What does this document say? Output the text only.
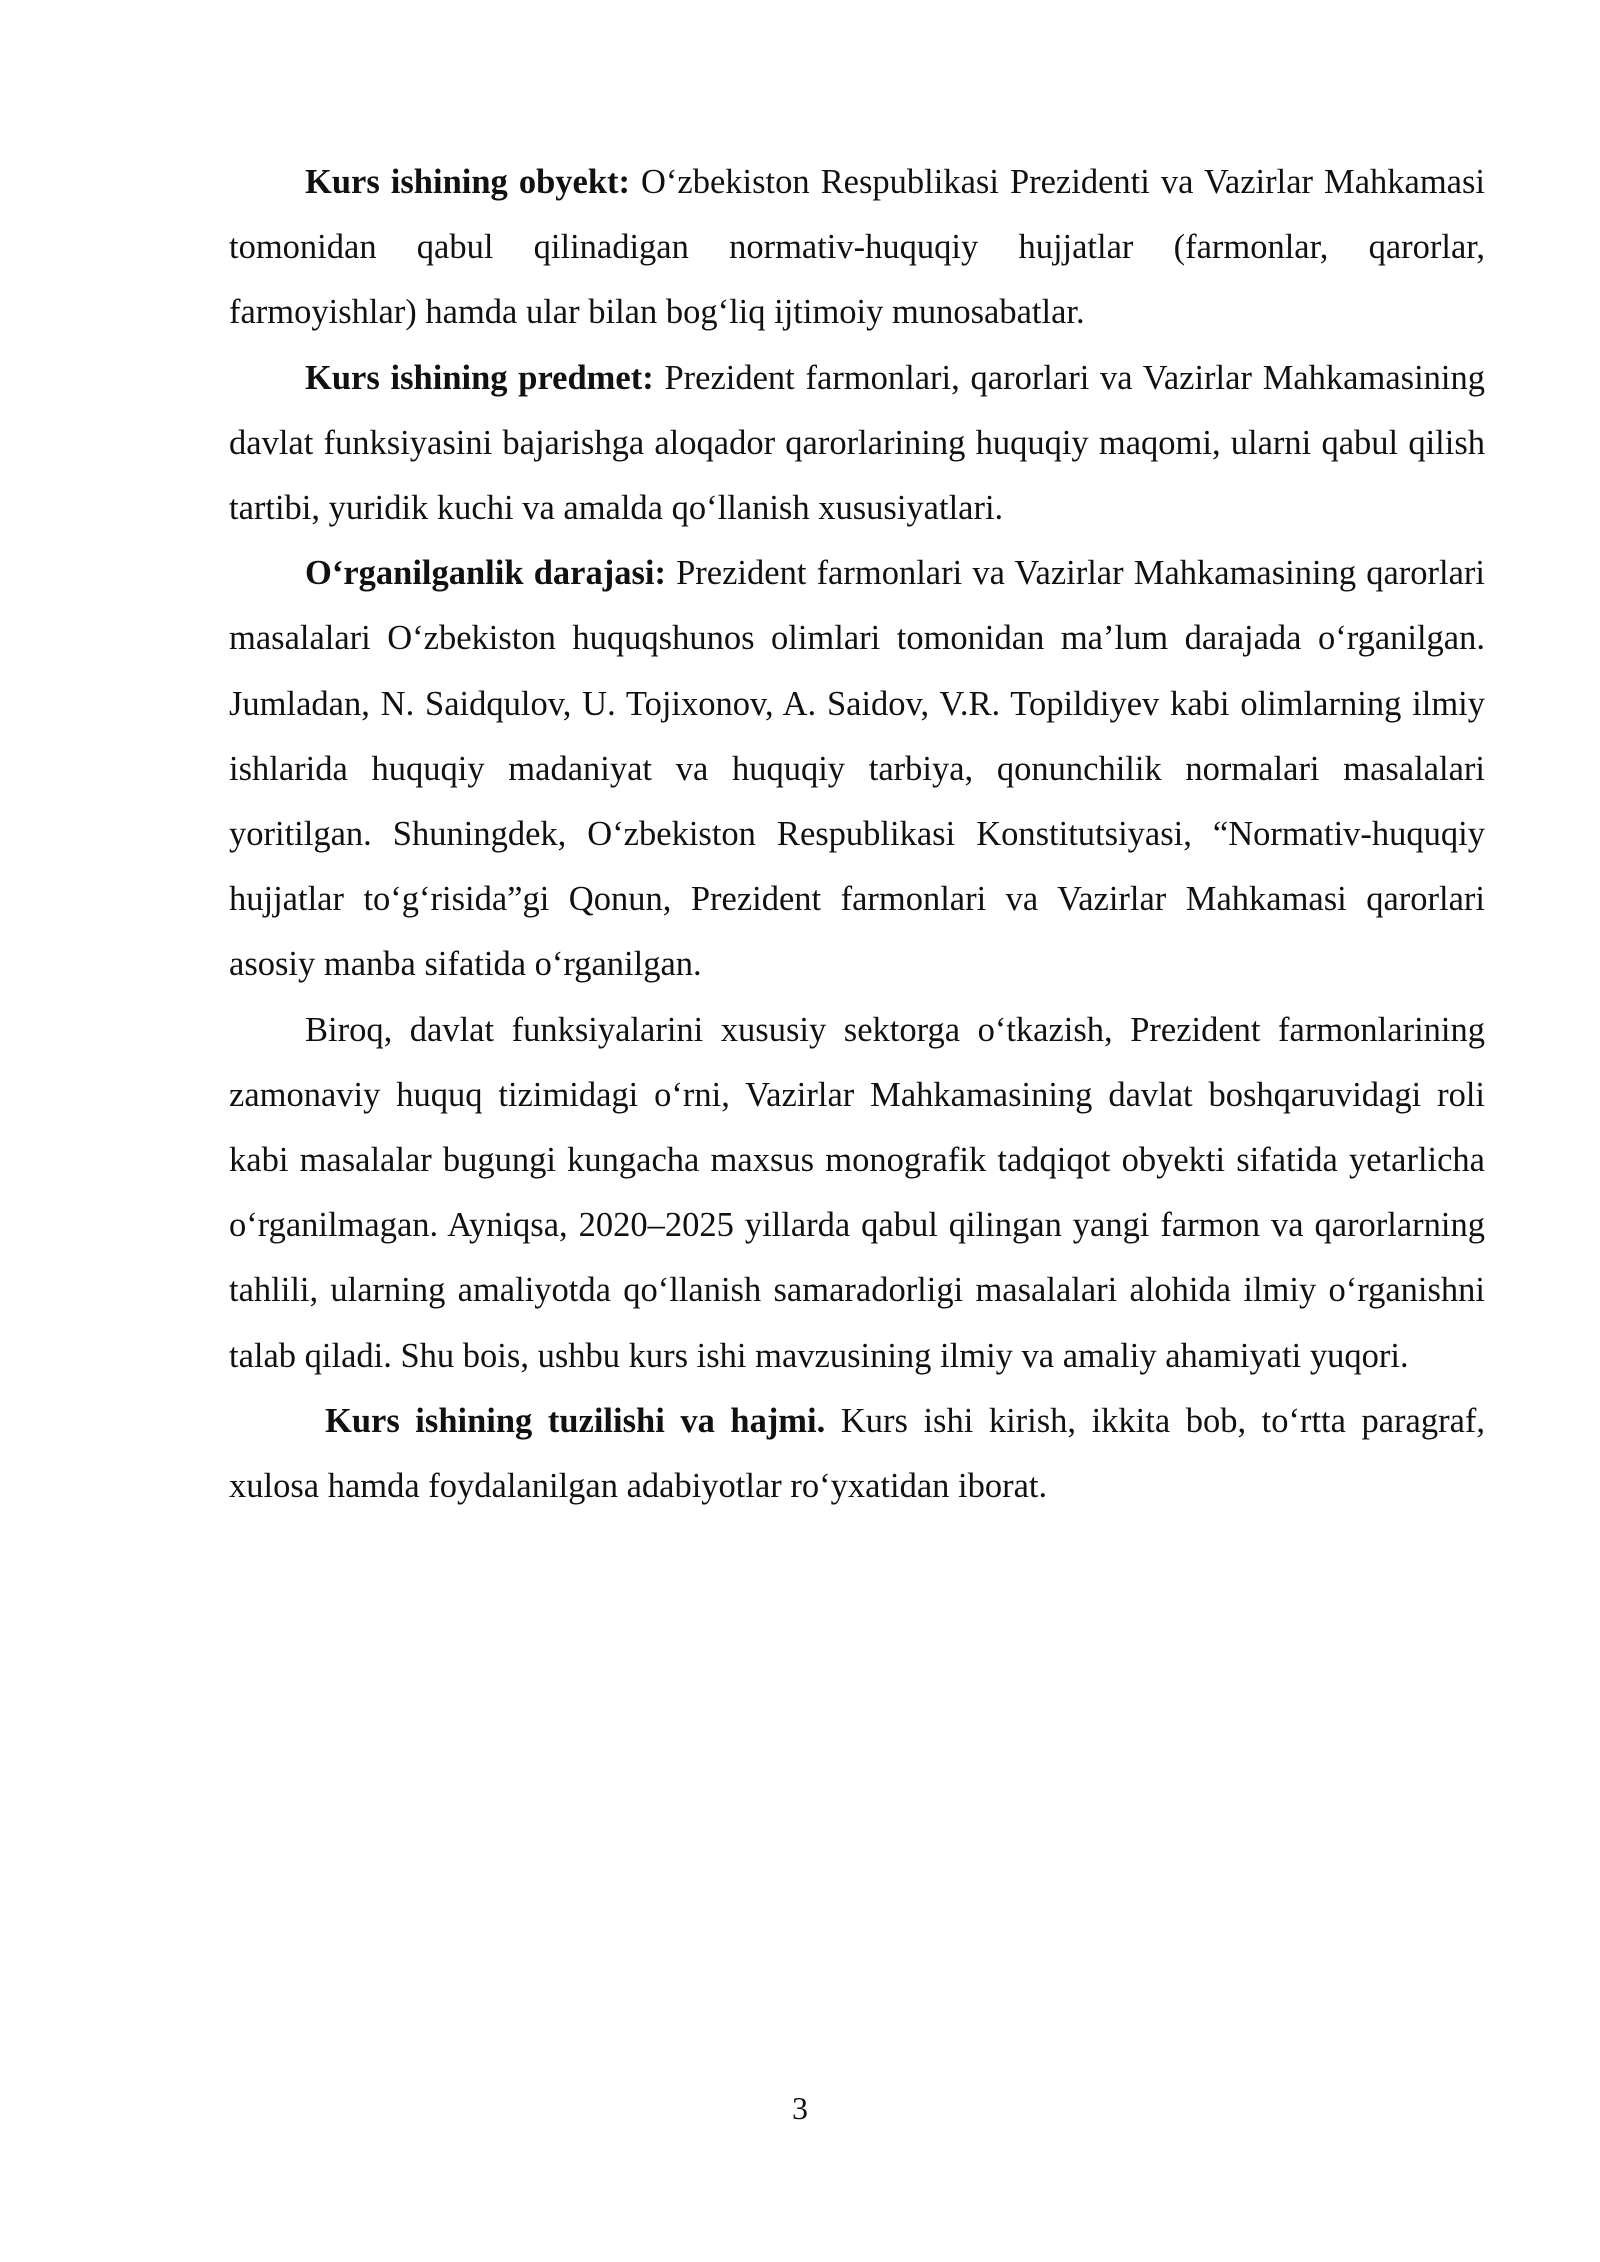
Kurs ishining obyekt: O‘zbekiston Respublikasi Prezidenti va Vazirlar Mahkamasi tomonidan qabul qilinadigan normativ-huquqiy hujjatlar (farmonlar, qarorlar, farmoyishlar) hamda ular bilan bog‘liq ijtimoiy munosabatlar.

Kurs ishining predmet: Prezident farmonlari, qarorlari va Vazirlar Mahkamasining davlat funksiyasini bajarishga aloqador qarorlarining huquqiy maqomi, ularni qabul qilish tartibi, yuridik kuchi va amalda qo‘llanish xususiyatlari.

O‘rganilganlik darajasi: Prezident farmonlari va Vazirlar Mahkamasining qarorlari masalalari O‘zbekiston huquqshunos olimlari tomonidan ma’lum darajada o‘rganilgan. Jumladan, N. Saidqulov, U. Tojixonov, A. Saidov, V.R. Topildiyev kabi olimlarning ilmiy ishlarida huquqiy madaniyat va huquqiy tarbiya, qonunchilik normalari masalalari yoritilgan. Shuningdek, O‘zbekiston Respublikasi Konstitutsiyasi, “Normativ-huquqiy hujjatlar to‘g‘risida”gi Qonun, Prezident farmonlari va Vazirlar Mahkamasi qarorlari asosiy manba sifatida o‘rganilgan.

Biroq, davlat funksiyalarini xususiy sektorga o‘tkazish, Prezident farmonlarining zamonaviy huquq tizimidagi o‘rni, Vazirlar Mahkamasining davlat boshqaruvidagi roli kabi masalalar bugungi kungacha maxsus monografik tadqiqot obyekti sifatida yetarlicha o‘rganilmagan. Ayniqsa, 2020–2025 yillarda qabul qilingan yangi farmon va qarorlarning tahlili, ularning amaliyotda qo‘llanish samaradorligi masalalari alohida ilmiy o‘rganishni talab qiladi. Shu bois, ushbu kurs ishi mavzusining ilmiy va amaliy ahamiyati yuqori.

Kurs ishining tuzilishi va hajmi. Kurs ishi kirish, ikkita bob, to‘rtta paragraf, xulosa hamda foydalanilgan adabiyotlar ro‘yxatidan iborat.

3
